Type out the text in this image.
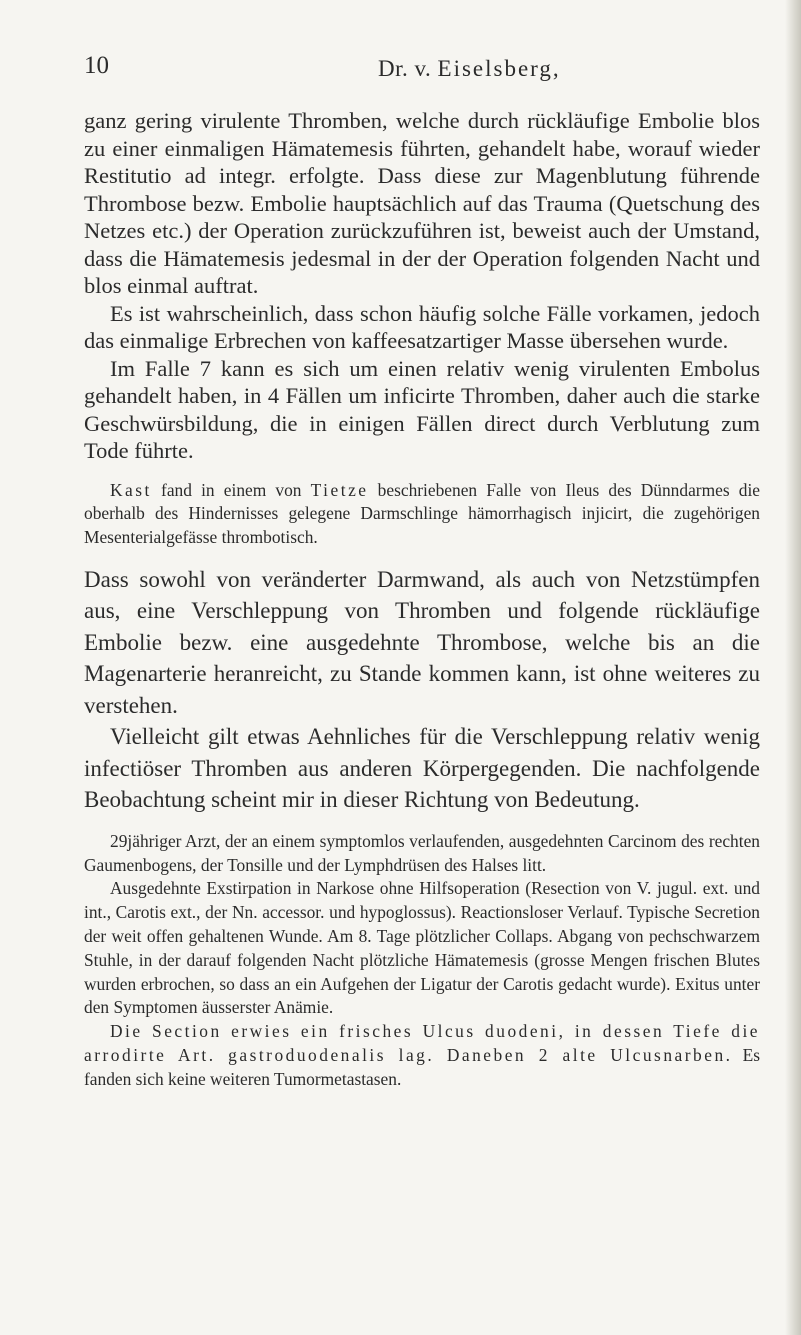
10	Dr. v. Eiselsberg,

ganz gering virulente Thromben, welche durch rückläufige Embolie blos zu einer einmaligen Hämatemesis führten, gehandelt habe, worauf wieder Restitutio ad integr. erfolgte. Dass diese zur Magenblutung führende Thrombose bezw. Embolie hauptsächlich auf das Trauma (Quetschung des Netzes etc.) der Operation zurückzuführen ist, beweist auch der Umstand, dass die Hämatemesis jedesmal in der der Operation folgenden Nacht und blos einmal auftrat.

Es ist wahrscheinlich, dass schon häufig solche Fälle vorkamen, jedoch das einmalige Erbrechen von kaffeesatzartiger Masse übersehen wurde.

Im Falle 7 kann es sich um einen relativ wenig virulenten Embolus gehandelt haben, in 4 Fällen um inficirte Thromben, daher auch die starke Geschwürsbildung, die in einigen Fällen direct durch Verblutung zum Tode führte.

Kast fand in einem von Tietze beschriebenen Falle von Ileus des Dünndarmes die oberhalb des Hindernisses gelegene Darmschlinge hämorrhagisch injicirt, die zugehörigen Mesenterialgefässe thrombotisch.

Dass sowohl von veränderter Darmwand, als auch von Netzstümpfen aus, eine Verschleppung von Thromben und folgende rückläufige Embolie bezw. eine ausgedehnte Thrombose, welche bis an die Magenarterie heranreicht, zu Stande kommen kann, ist ohne weiteres zu verstehen.

Vielleicht gilt etwas Aehnliches für die Verschleppung relativ wenig infectiöser Thromben aus anderen Körpergegenden. Die nachfolgende Beobachtung scheint mir in dieser Richtung von Bedeutung.

29jähriger Arzt, der an einem symptomlos verlaufenden, ausgedehnten Carcinom des rechten Gaumenbogens, der Tonsille und der Lymphdrüsen des Halses litt.

Ausgedehnte Exstirpation in Narkose ohne Hilfsoperation (Resection von V. jugul. ext. und int., Carotis ext., der Nn. accessor. und hypoglossus). Reactionsloser Verlauf. Typische Secretion der weit offen gehaltenen Wunde. Am 8. Tage plötzlicher Collaps. Abgang von pechschwarzem Stuhle, in der darauf folgenden Nacht plötzliche Hämatemesis (grosse Mengen frischen Blutes wurden erbrochen, so dass an ein Aufgehen der Ligatur der Carotis gedacht wurde). Exitus unter den Symptomen äusserster Anämie.

Die Section erwies ein frisches Ulcus duodeni, in dessen Tiefe die arrodirte Art. gastroduodenalis lag. Daneben 2 alte Ulcusnarben. Es fanden sich keine weiteren Tumormetastasen.
